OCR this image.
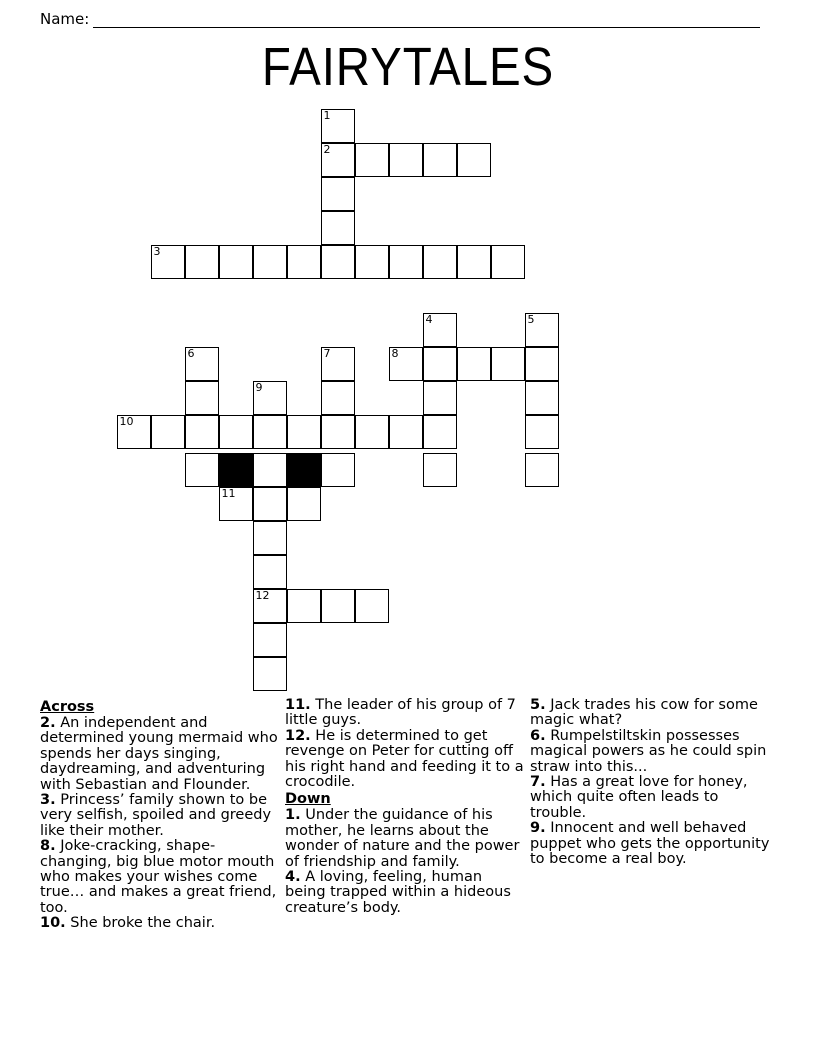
Name:
FAIRYTALES
1
2
3
4	5
6	7	8
9
10
11
12
Across
2. An independent and determined young mermaid who spends her days singing, daydreaming, and adventuring with Sebastian and Flounder.
3. Princess’ family shown to be very selfish, spoiled and greedy like their mother.
8. Joke-cracking, shape-changing, big blue motor mouth who makes your wishes come true… and makes a great friend, too.
10. She broke the chair.
11. The leader of his group of 7 little guys.
12. He is determined to get revenge on Peter for cutting off his right hand and feeding it to a crocodile.
Down
1. Under the guidance of his mother, he learns about the wonder of nature and the power of friendship and family.
4. A loving, feeling, human being trapped within a hideous creature’s body.
5. Jack trades his cow for some magic what?
6. Rumpelstiltskin possesses magical powers as he could spin straw into this...
7. Has a great love for honey, which quite often leads to trouble.
9. Innocent and well behaved puppet who gets the opportunity to become a real boy.
